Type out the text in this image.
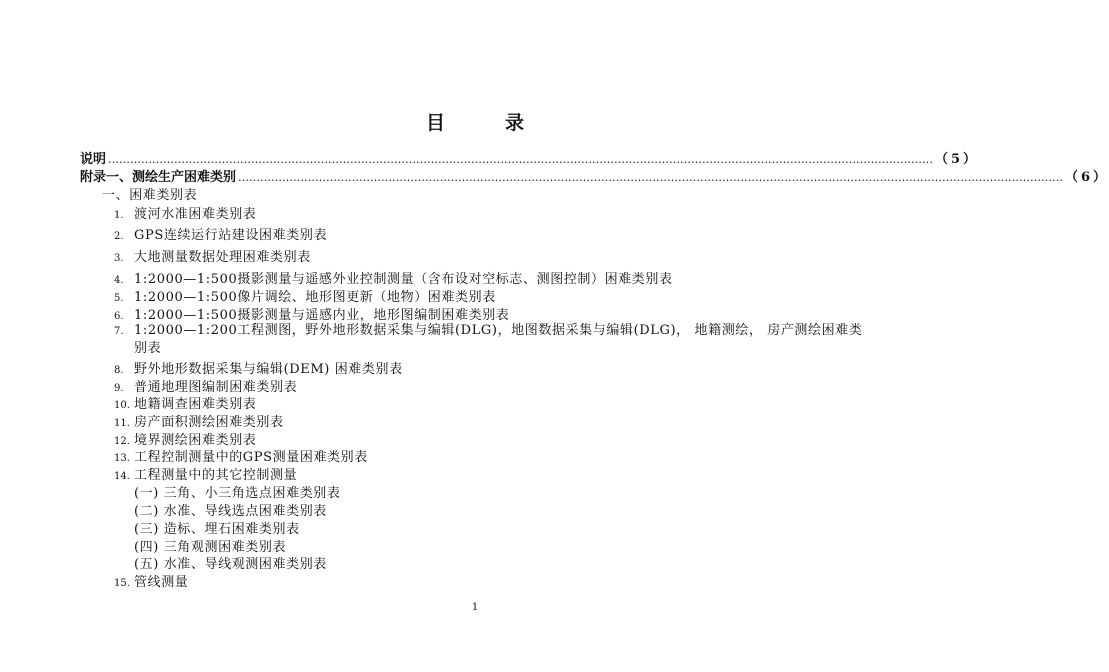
目	录
说明 ……………………………………………………………………………………………………………………………………………………………………………………………………… （5）
附录一、测绘生产困难类别 ……………………………………………………………………………………………………………………………………………………………………………………………………… （6）
一、困难类别表
1. 渡河水准困难类别表
2. GPS连续运行站建设困难类别表
3. 大地测量数据处理困难类别表
4. 1:2000—1:500摄影测量与遥感外业控制测量（含布设对空标志、测图控制）困难类别表
5. 1:2000—1:500像片调绘、地形图更新（地物）困难类别表
6. 1:2000—1:500摄影测量与遥感内业，地形图编制困难类别表
7. 1:2000—1:200工程测图，野外地形数据采集与编辑(DLG)，地图数据采集与编辑(DLG)， 地籍测绘， 房产测绘困难类别表
8. 野外地形数据采集与编辑(DEM) 困难类别表
9. 普通地理图编制困难类别表
10. 地籍调查困难类别表
11. 房产面积测绘困难类别表
12. 境界测绘困难类别表
13. 工程控制测量中的GPS测量困难类别表
14. 工程测量中的其它控制测量
(一) 三角、小三角选点困难类别表
(二) 水准、导线选点困难类别表
(三) 造标、埋石困难类别表
(四) 三角观测困难类别表
(五) 水准、导线观测困难类别表
15. 管线测量
1
